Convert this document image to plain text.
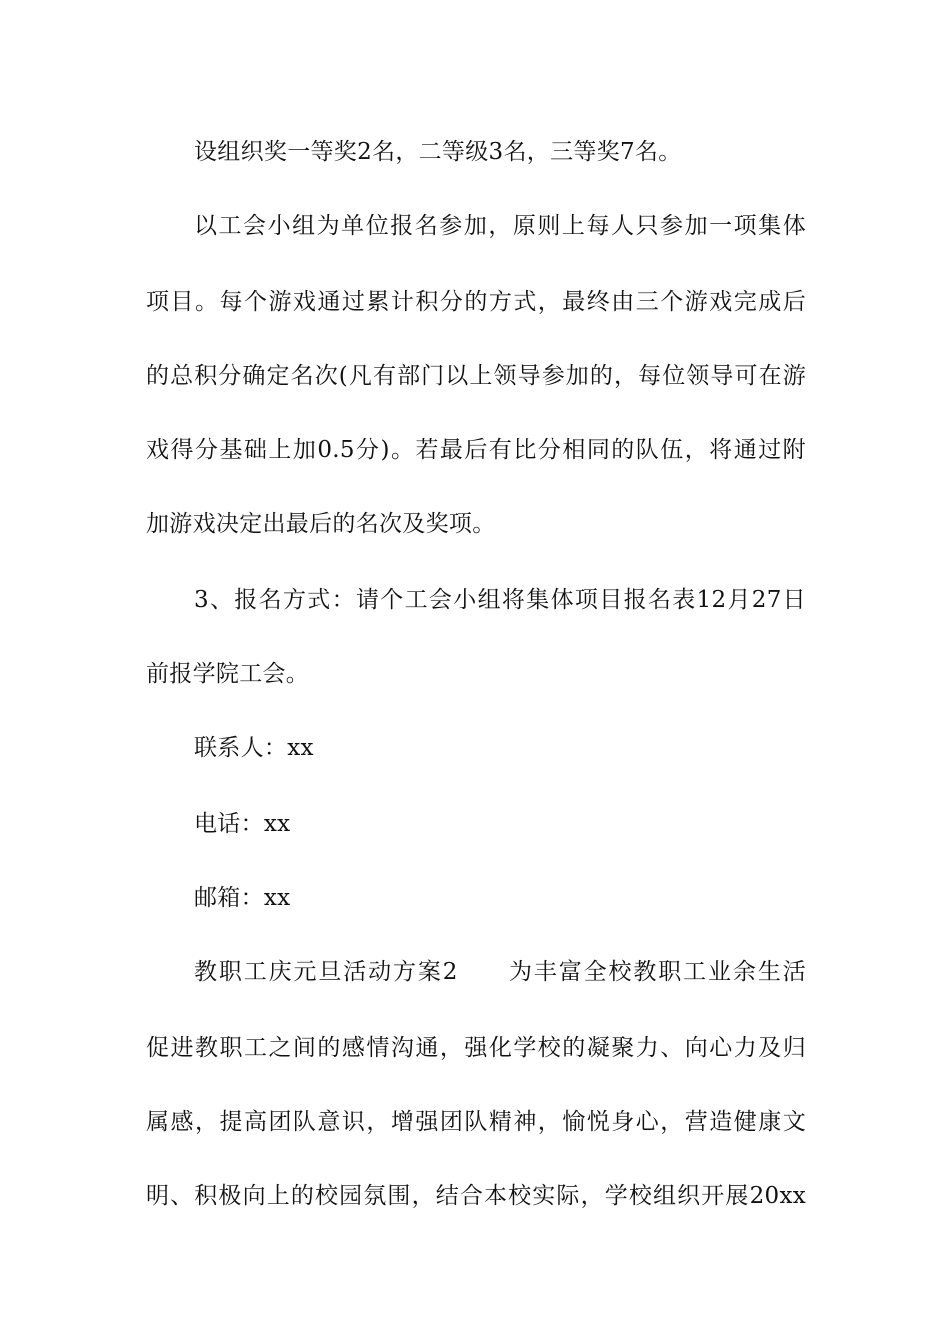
设组织奖一等奖2名，二等级3名，三等奖7名。
以工会小组为单位报名参加，原则上每人只参加一项集体
项目。每个游戏通过累计积分的方式，最终由三个游戏完成后
的总积分确定名次(凡有部门以上领导参加的，每位领导可在游
戏得分基础上加0.5分)。若最后有比分相同的队伍，将通过附
加游戏决定出最后的名次及奖项。
3、报名方式：请个工会小组将集体项目报名表12月27日
前报学院工会。
联系人：xx
电话：xx
邮箱：xx
教职工庆元旦活动方案2　　为丰富全校教职工业余生活
促进教职工之间的感情沟通，强化学校的凝聚力、向心力及归
属感，提高团队意识，增强团队精神，愉悦身心，营造健康文
明、积极向上的校园氛围，结合本校实际，学校组织开展20xx
